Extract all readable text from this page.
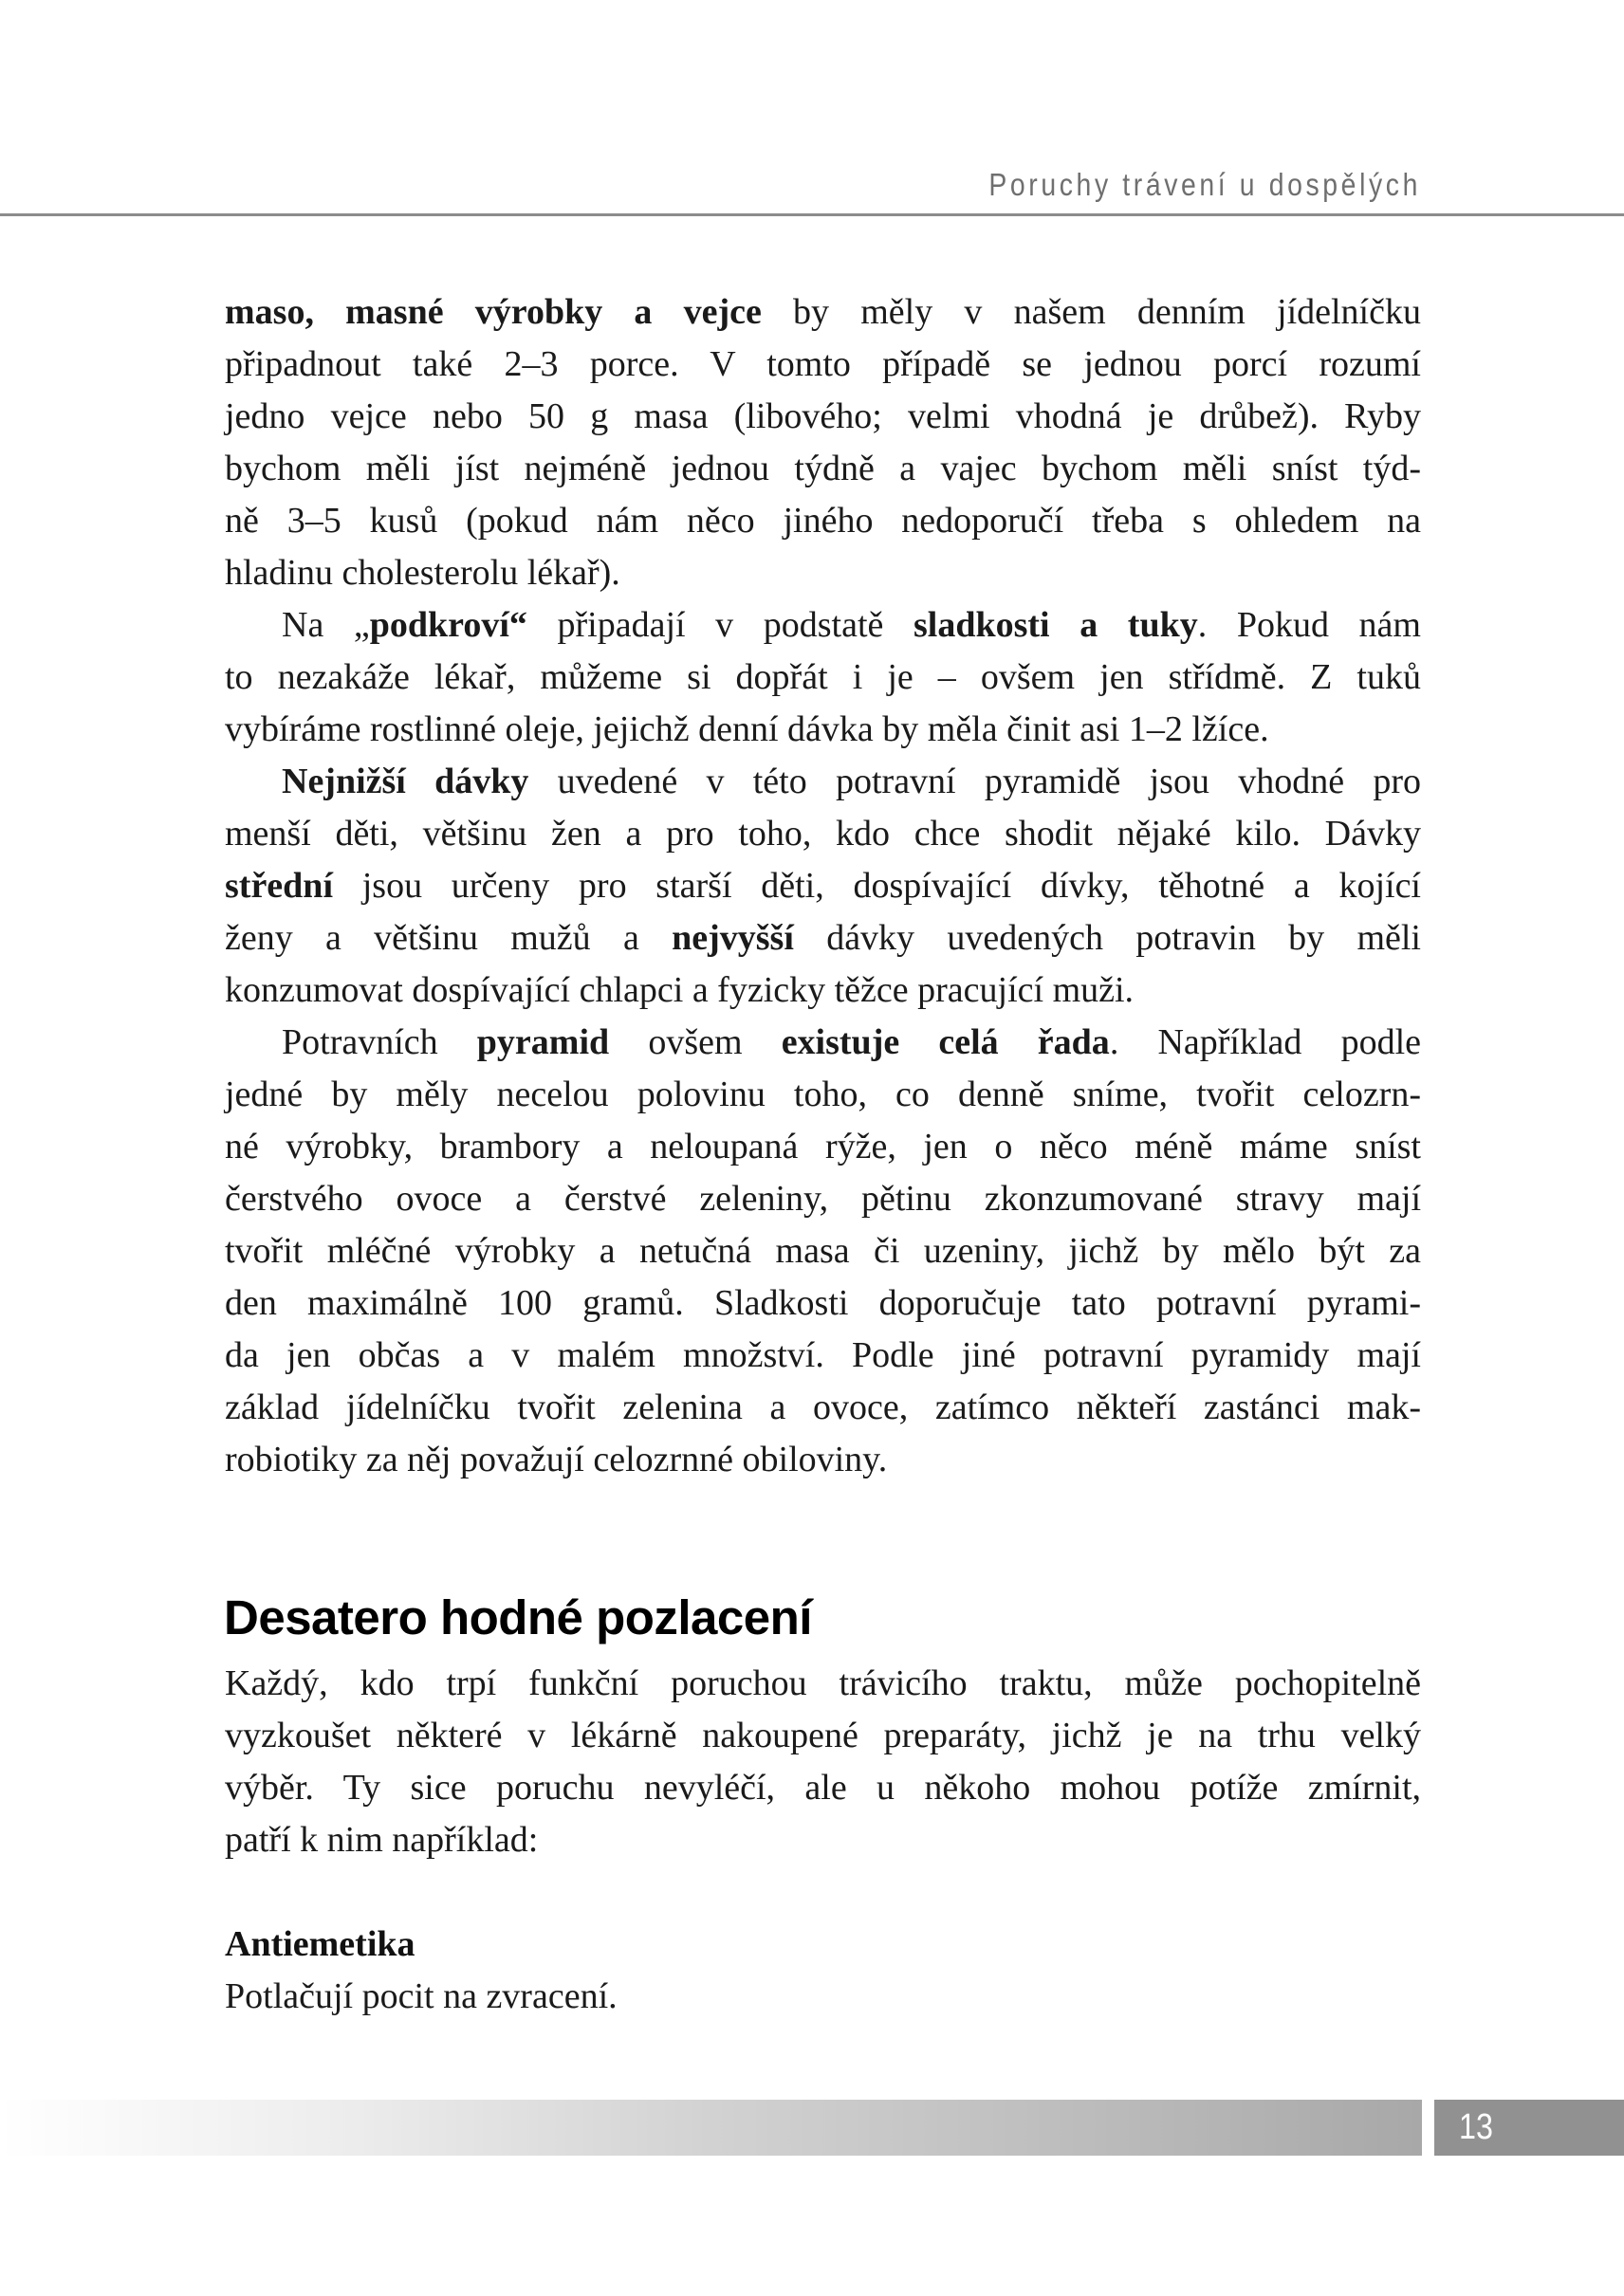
Poruchy trávení u dospělých
maso, masné výrobky a vejce by měly v našem denním jídelníčku
připadnout také 2–3 porce. V tomto případě se jednou porcí rozumí
jedno vejce nebo 50 g masa (libového; velmi vhodná je drůbež). Ryby
bychom měli jíst nejméně jednou týdně a vajec bychom měli sníst týd-
ně 3–5 kusů (pokud nám něco jiného nedoporučí třeba s ohledem na
hladinu cholesterolu lékař).
Na „podkroví“ připadají v podstatě sladkosti a tuky. Pokud nám
to nezakáže lékař, můžeme si dopřát i je – ovšem jen střídmě. Z tuků
vybíráme rostlinné oleje, jejichž denní dávka by měla činit asi 1–2 lžíce.
Nejnižší dávky uvedené v této potravní pyramidě jsou vhodné pro
menší děti, většinu žen a pro toho, kdo chce shodit nějaké kilo. Dávky
střední jsou určeny pro starší děti, dospívající dívky, těhotné a kojící
ženy a většinu mužů a nejvyšší dávky uvedených potravin by měli
konzumovat dospívající chlapci a fyzicky těžce pracující muži.
Potravních pyramid ovšem existuje celá řada. Například podle
jedné by měly necelou polovinu toho, co denně sníme, tvořit celozrn-
né výrobky, brambory a neloupaná rýže, jen o něco méně máme sníst
čerstvého ovoce a čerstvé zeleniny, pětinu zkonzumované stravy mají
tvořit mléčné výrobky a netučná masa či uzeniny, jichž by mělo být za
den maximálně 100 gramů. Sladkosti doporučuje tato potravní pyrami-
da jen občas a v malém množství. Podle jiné potravní pyramidy mají
základ jídelníčku tvořit zelenina a ovoce, zatímco někteří zastánci mak-
robiotiky za něj považují celozrnné obiloviny.
Desatero hodné pozlacení
Každý, kdo trpí funkční poruchou trávicího traktu, může pochopitelně
vyzkoušet některé v lékárně nakoupené preparáty, jichž je na trhu velký
výběr. Ty sice poruchu nevyléčí, ale u někoho mohou potíže zmírnit,
patří k nim například:
Antiemetika
Potlačují pocit na zvracení.
13
